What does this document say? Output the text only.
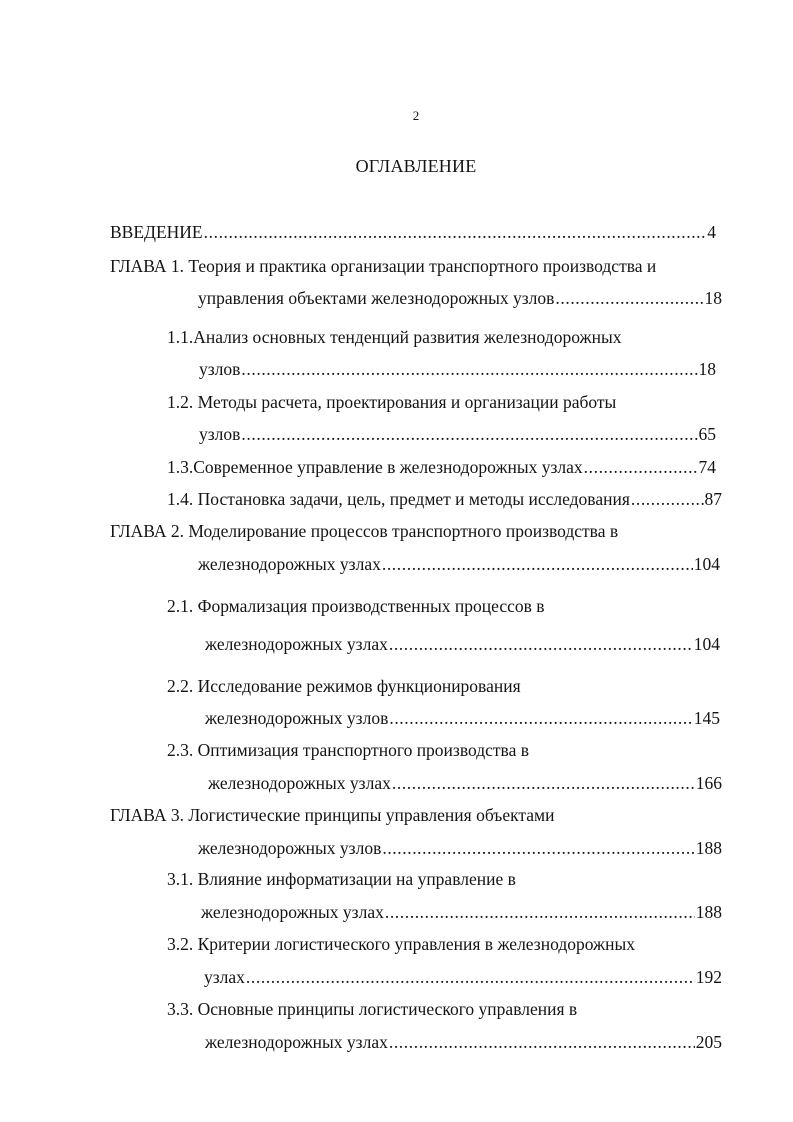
2
ОГЛАВЛЕНИЕ
ВВЕДЕНИЕ .....	4
ГЛАВА 1. Теория и практика организации транспортного производства и
управления объектами железнодорожных узлов .....	18
1.1.Анализ основных тенденций развития железнодорожных
узлов .....	18
1.2. Методы расчета, проектирования и организации работы
узлов .....	65
1.3.Современное управление в железнодорожных узлах .....	74
1.4. Постановка задачи, цель, предмет и методы исследования .....	87
ГЛАВА 2. Моделирование процессов транспортного производства в
железнодорожных узлах .....	104
2.1. Формализация производственных процессов в
железнодорожных узлах .....	104
2.2. Исследование режимов функционирования
железнодорожных узлов .....	145
2.3. Оптимизация транспортного производства в
железнодорожных узлах .....	166
ГЛАВА 3. Логистические принципы управления объектами
железнодорожных узлов .....	188
3.1. Влияние информатизации на управление в
железнодорожных узлах .....	188
3.2. Критерии логистического управления в железнодорожных
узлах .....	192
3.3. Основные принципы логистического управления в
железнодорожных узлах .....	205
